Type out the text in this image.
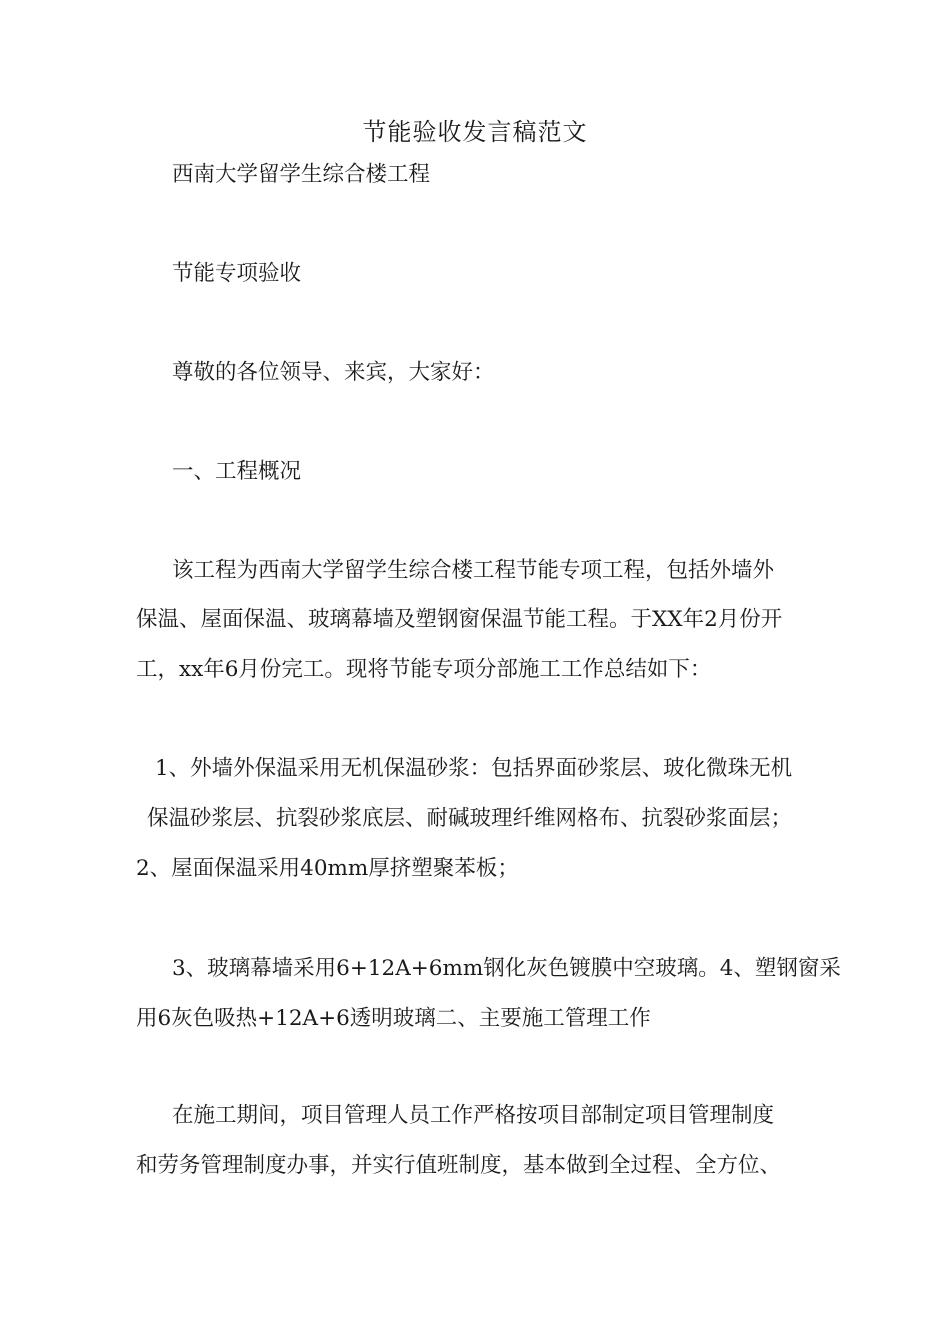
节能验收发言稿范文
西南大学留学生综合楼工程
节能专项验收
尊敬的各位领导、来宾，大家好：
一、工程概况
该工程为西南大学留学生综合楼工程节能专项工程，包括外墙外
保温、屋面保温、玻璃幕墙及塑钢窗保温节能工程。于XX年2月份开
工，xx年6月份完工。现将节能专项分部施工工作总结如下：
1、外墙外保温采用无机保温砂浆：包括界面砂浆层、玻化微珠无机
保温砂浆层、抗裂砂浆底层、耐碱玻理纤维网格布、抗裂砂浆面层；
2、屋面保温采用40mm厚挤塑聚苯板；
3、玻璃幕墙采用6+12A+6mm钢化灰色镀膜中空玻璃。4、塑钢窗采
用6灰色吸热+12A+6透明玻璃二、主要施工管理工作
在施工期间，项目管理人员工作严格按项目部制定项目管理制度
和劳务管理制度办事，并实行值班制度，基本做到全过程、全方位、
